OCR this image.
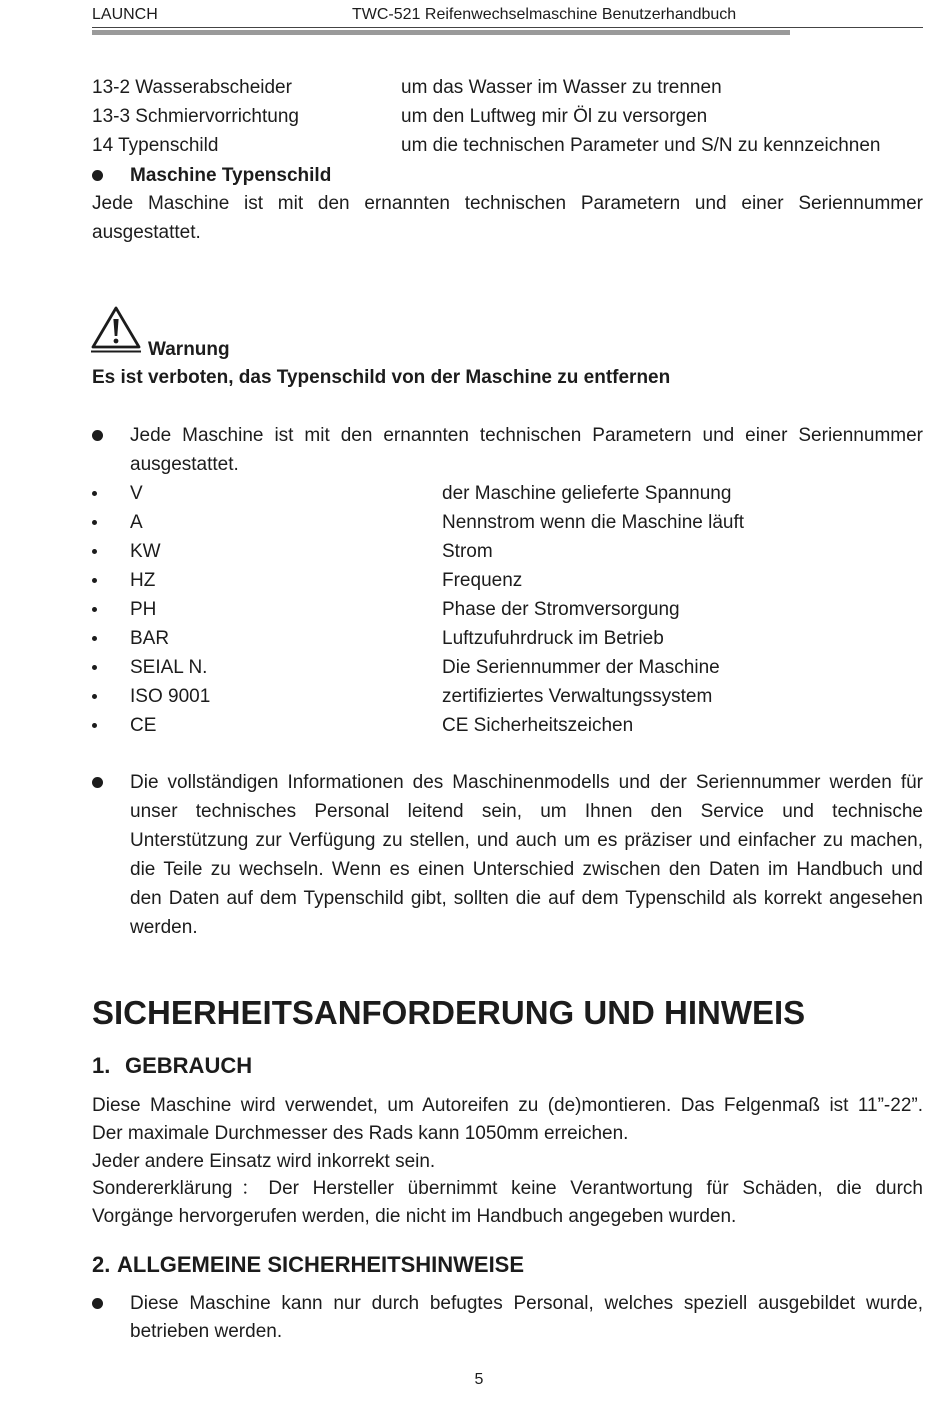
LAUNCH	TWC-521 Reifenwechselmaschine Benutzerhandbuch
13-2 Wasserabscheider	um das Wasser im Wasser zu trennen
13-3 Schmiervorrichtung	um den Luftweg mir Öl zu versorgen
14 Typenschild	um die technischen Parameter und S/N zu kennzeichnen
Maschine Typenschild
Jede Maschine ist mit den ernannten technischen Parametern und einer Seriennummer
ausgestattet.
Warnung
Es ist verboten, das Typenschild von der Maschine zu entfernen
Jede Maschine ist mit den ernannten technischen Parametern und einer Seriennummer
ausgestattet.
V	der Maschine gelieferte Spannung
A	Nennstrom wenn die Maschine läuft
KW	Strom
HZ	Frequenz
PH	Phase der Stromversorgung
BAR	Luftzufuhrdruck im Betrieb
SEIAL N.	Die Seriennummer der Maschine
ISO 9001	zertifiziertes Verwaltungssystem
CE	CE Sicherheitszeichen
Die vollständigen Informationen des Maschinenmodells und der Seriennummer werden für
unser technisches Personal leitend sein, um Ihnen den Service und technische
Unterstützung zur Verfügung zu stellen, und auch um es präziser und einfacher zu machen,
die Teile zu wechseln. Wenn es einen Unterschied zwischen den Daten im Handbuch und
den Daten auf dem Typenschild gibt, sollten die auf dem Typenschild als korrekt angesehen
werden.
SICHERHEITSANFORDERUNG UND HINWEIS
1. GEBRAUCH
Diese Maschine wird verwendet, um Autoreifen zu (de)montieren. Das Felgenmaß ist 11”-22”.
Der maximale Durchmesser des Rads kann 1050mm erreichen.
Jeder andere Einsatz wird inkorrekt sein.
Sondererklärung：Der Hersteller übernimmt keine Verantwortung für Schäden, die durch
Vorgänge hervorgerufen werden, die nicht im Handbuch angegeben wurden.
2. ALLGEMEINE SICHERHEITSHINWEISE
Diese Maschine kann nur durch befugtes Personal, welches speziell ausgebildet wurde,
betrieben werden.
5
